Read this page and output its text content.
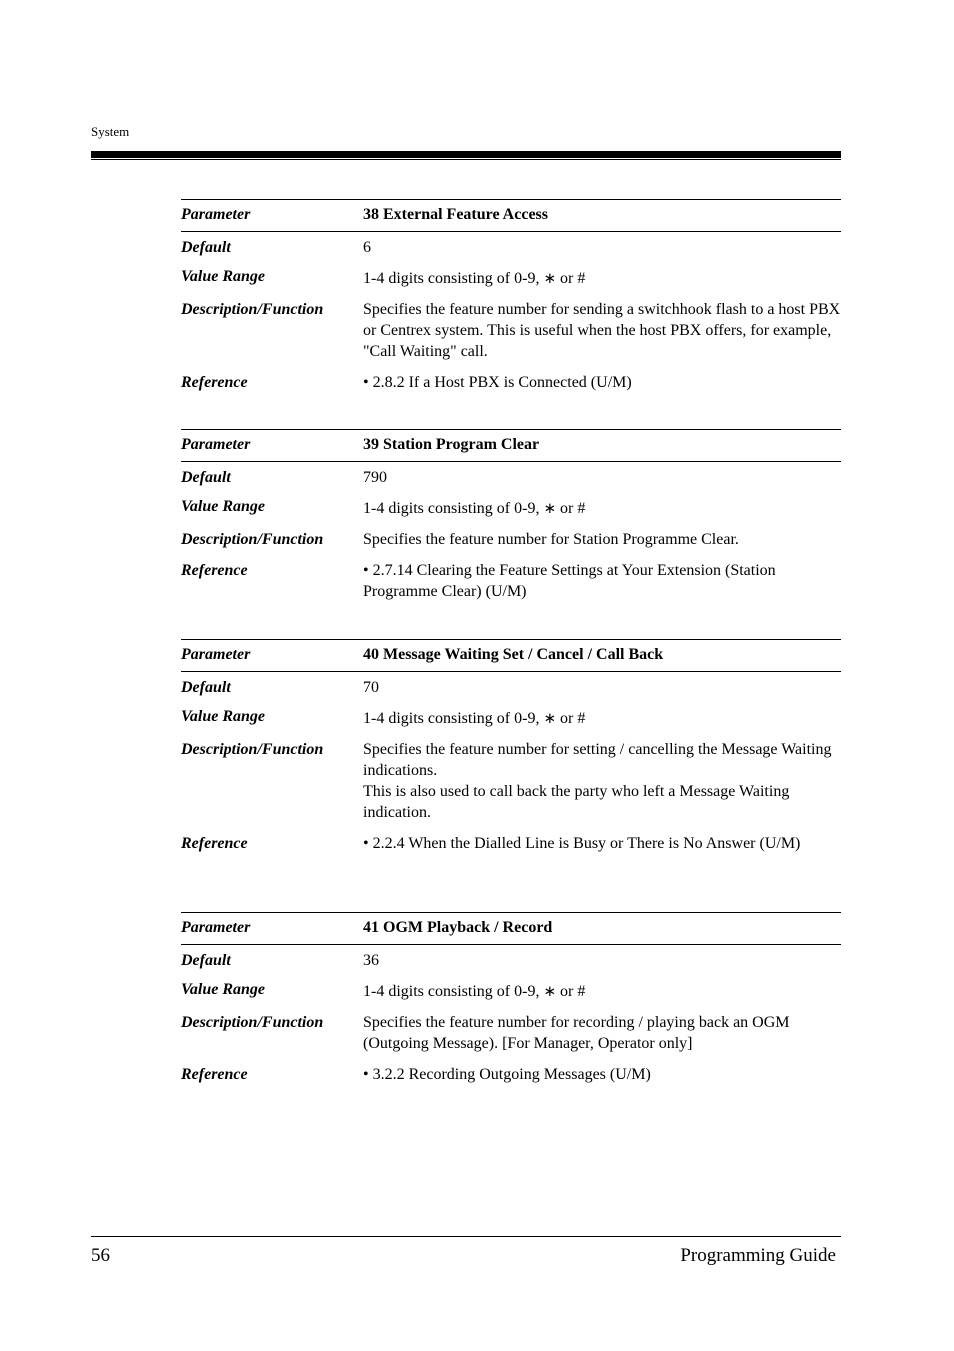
System
Parameter	38 External Feature Access
Default	6
Value Range	1-4 digits consisting of 0-9, ∗ or #
Description/Function	Specifies the feature number for sending a switchhook flash to a host PBX or Centrex system. This is useful when the host PBX offers, for example, "Call Waiting" call.
Reference	• 2.8.2 If a Host PBX is Connected (U/M)
Parameter	39 Station Program Clear
Default	790
Value Range	1-4 digits consisting of 0-9, ∗ or #
Description/Function	Specifies the feature number for Station Programme Clear.
Reference	• 2.7.14 Clearing the Feature Settings at Your Extension (Station Programme Clear) (U/M)
Parameter	40 Message Waiting Set / Cancel / Call Back
Default	70
Value Range	1-4 digits consisting of 0-9, ∗ or #
Description/Function	Specifies the feature number for setting / cancelling the Message Waiting indications.
This is also used to call back the party who left a Message Waiting indication.
Reference	• 2.2.4 When the Dialled Line is Busy or There is No Answer (U/M)
Parameter	41 OGM Playback / Record
Default	36
Value Range	1-4 digits consisting of 0-9, ∗ or #
Description/Function	Specifies the feature number for recording / playing back an OGM (Outgoing Message). [For Manager, Operator only]
Reference	• 3.2.2 Recording Outgoing Messages (U/M)
56	Programming Guide
